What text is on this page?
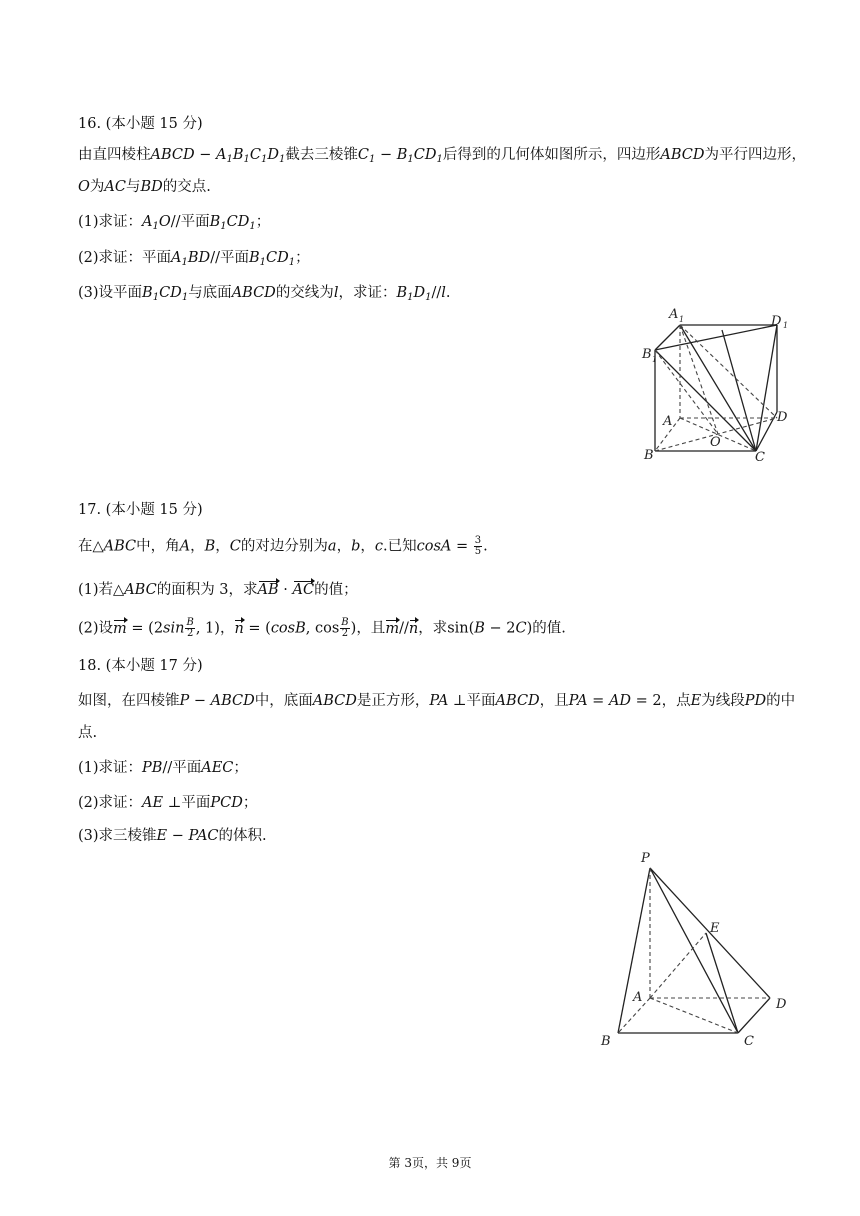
16. (本小题 15 分)
由直四棱柱ABCD − $A_1B_1C_1D_1$截去三棱锥$C_1 - B_1CD_1$后得到的几何体如图所示，四边形ABCD为平行四边形，
O为AC与BD的交点.
(1)求证：$A_1O//$平面$B_1CD_1$；
(2)求证：平面$A_1BD//$平面$B_1CD_1$；
(3)设平面$B_1CD_1$与底面ABCD的交线为l，求证：$B_1D_1//l$.
A 1	D 1
B 1
A	D
B	C
O
17. (本小题 15 分)
在△ABC中，角A，B，C的对边分别为a，b，c.已知$\cos A = \frac{3}{5}$ .
(1)若△ABC的面积为 3，求AB · AC的值；
(2)设$m = (2\sin \frac{B}{2}$ , 1)，n = (cosB, $\cos \frac{B}{2}$ )，且m//n，求sin(B − 2C)的值.
18. (本小题 17 分)
如图，在四棱锥P − ABCD中，底面ABCD是正方形，PA ⊥平面ABCD，且PA = AD = 2，点E为线段PD的中
点.
(1)求证：PB//平面AEC；
(2)求证：AE ⊥平面PCD；
(3)求三棱锥E − PAC的体积.
P
E
A	D
B	C
第 3页，共 9页
